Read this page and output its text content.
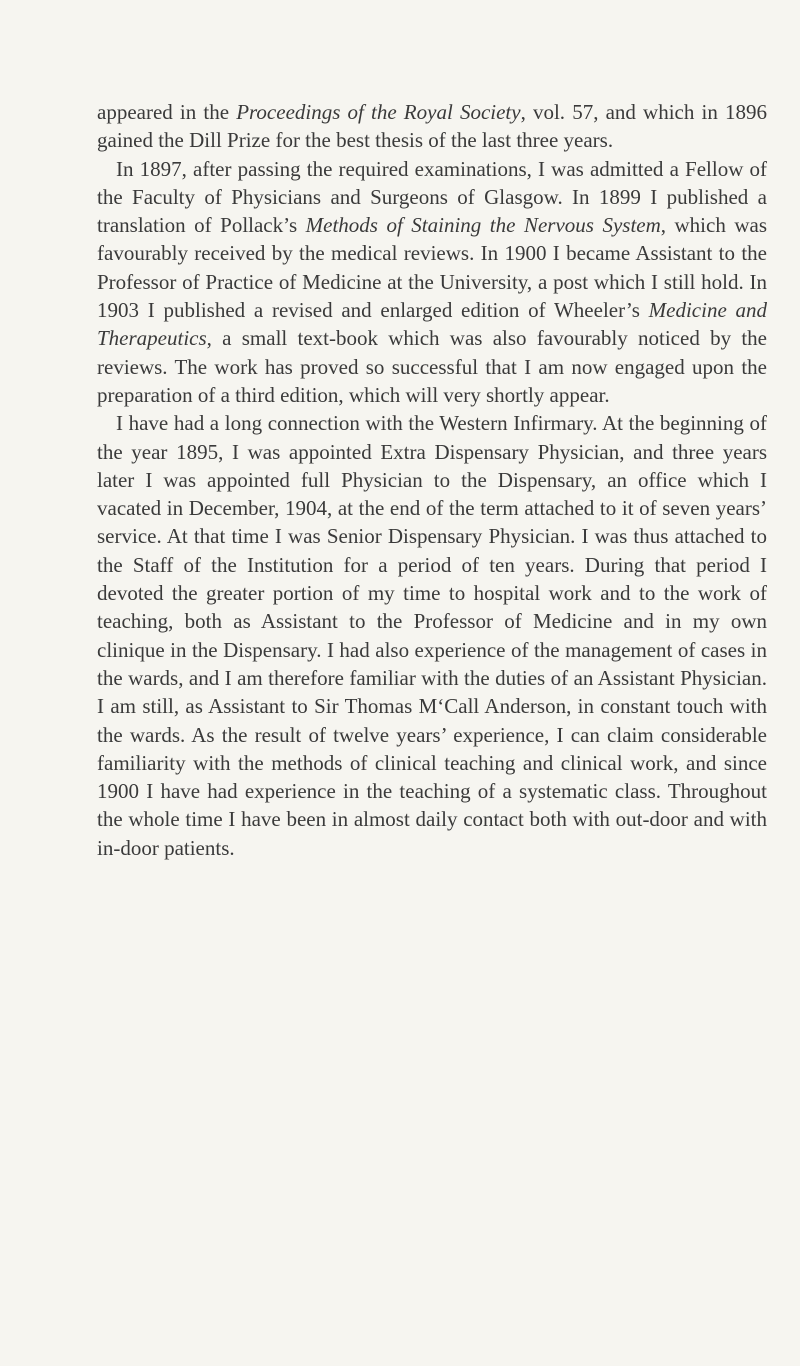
appeared in the Proceedings of the Royal Society, vol. 57, and which in 1896 gained the Dill Prize for the best thesis of the last three years.

In 1897, after passing the required examinations, I was admitted a Fellow of the Faculty of Physicians and Surgeons of Glasgow. In 1899 I published a translation of Pollack’s Methods of Staining the Nervous System, which was favourably received by the medical reviews. In 1900 I became Assistant to the Professor of Practice of Medicine at the University, a post which I still hold. In 1903 I published a revised and enlarged edition of Wheeler’s Medicine and Therapeutics, a small text-book which was also favourably noticed by the reviews. The work has proved so successful that I am now engaged upon the preparation of a third edition, which will very shortly appear.

I have had a long connection with the Western Infirmary. At the beginning of the year 1895, I was appointed Extra Dispensary Physician, and three years later I was appointed full Physician to the Dispensary, an office which I vacated in December, 1904, at the end of the term attached to it of seven years’ service. At that time I was Senior Dispensary Physician. I was thus attached to the Staff of the Institution for a period of ten years. During that period I devoted the greater portion of my time to hospital work and to the work of teaching, both as Assistant to the Professor of Medicine and in my own clinique in the Dispensary. I had also experience of the management of cases in the wards, and I am therefore familiar with the duties of an Assistant Physician. I am still, as Assistant to Sir Thomas M‘Call Anderson, in constant touch with the wards. As the result of twelve years’ experience, I can claim considerable familiarity with the methods of clinical teaching and clinical work, and since 1900 I have had experience in the teaching of a systematic class. Throughout the whole time I have been in almost daily contact both with out-door and with in-door patients.
